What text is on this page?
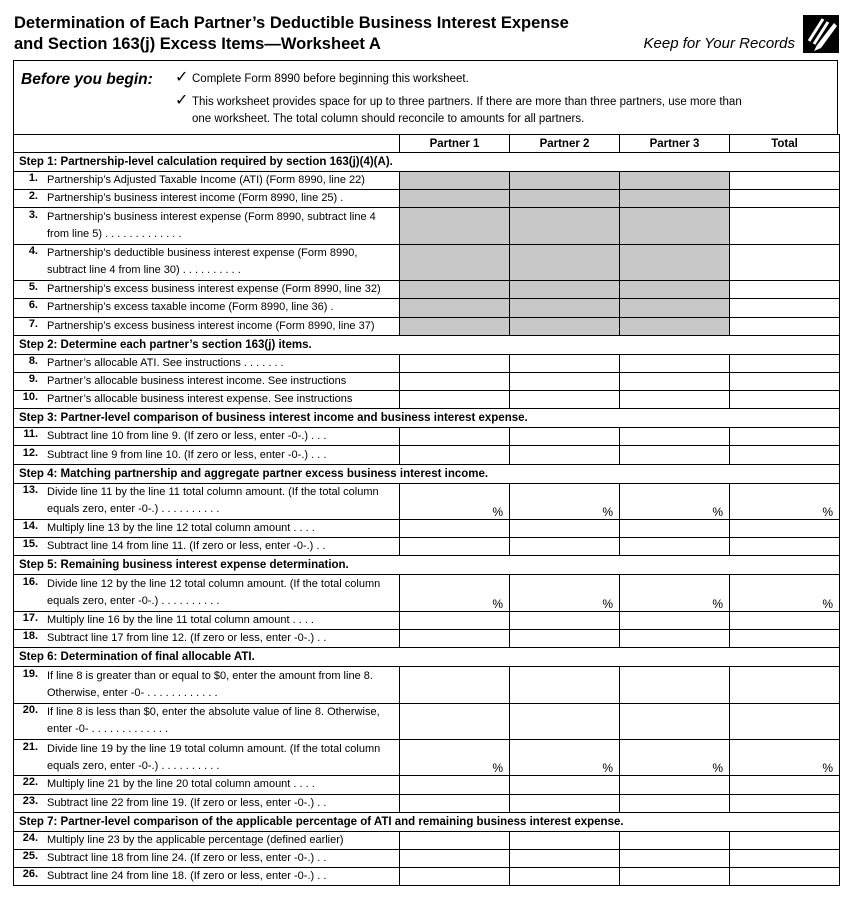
Determination of Each Partner’s Deductible Business Interest Expense
and Section 163(j) Excess Items—Worksheet A	Keep for Your Records
Before you begin: ✓ Complete Form 8990 before beginning this worksheet.
✓ This worksheet provides space for up to three partners. If there are more than three partners, use more than
one worksheet. The total column should reconcile to amounts for all partners.
	Partner 1	Partner 2	Partner 3	Total
Step 1: Partnership-level calculation required by section 163(j)(4)(A).				

1. Partnership’s Adjusted Taxable Income (ATI) (Form 8990, line 22)				

2. Partnership’s business interest income (Form 8990, line 25) .				

3. Partnership’s business interest expense (Form 8990, subtract line 4 from line 5) . . . . . . . . . . . . .				

4. Partnership’s deductible business interest expense (Form 8990, subtract line 4 from line 30) . . . . . . . . . .				

5. Partnership’s excess business interest expense (Form 8990, line 32)				

6. Partnership’s excess taxable income (Form 8990, line 36) .				

7. Partnership’s excess business interest income (Form 8990, line 37)				

Step 2: Determine each partner’s section 163(j) items.				

8. Partner’s allocable ATI. See instructions . . . . . . .				

9. Partner’s allocable business interest income. See instructions				

10. Partner’s allocable business interest expense. See instructions				

Step 3: Partner-level comparison of business interest income and business interest expense.				

11. Subtract line 10 from line 9. (If zero or less, enter -0-.) . . .				

12. Subtract line 9 from line 10. (If zero or less, enter -0-.) . . .				

Step 4: Matching partnership and aggregate partner excess business interest income.				

13. Divide line 11 by the line 11 total column amount. (If the total column equals zero, enter -0-.) . . . . . . . . . .	%	%	%	%

14. Multiply line 13 by the line 12 total column amount . . . .				

15. Subtract line 14 from line 11. (If zero or less, enter -0-.) . .				

Step 5: Remaining business interest expense determination.				

16. Divide line 12 by the line 12 total column amount. (If the total column equals zero, enter -0-.) . . . . . . . . . .	%	%	%	%

17. Multiply line 16 by the line 11 total column amount . . . .				

18. Subtract line 17 from line 12. (If zero or less, enter -0-.) . .				

Step 6: Determination of final allocable ATI.				

19. If line 8 is greater than or equal to $0, enter the amount from line 8. Otherwise, enter -0- . . . . . . . . . . . .				

20. If line 8 is less than $0, enter the absolute value of line 8. Otherwise, enter -0- . . . . . . . . . . . . .				

21. Divide line 19 by the line 19 total column amount. (If the total column equals zero, enter -0-.) . . . . . . . . . .	%	%	%	%

22. Multiply line 21 by the line 20 total column amount . . . .				

23. Subtract line 22 from line 19. (If zero or less, enter -0-.) . .				

Step 7: Partner-level comparison of the applicable percentage of ATI and remaining business interest expense.				

24. Multiply line 23 by the applicable percentage (defined earlier)				

25. Subtract line 18 from line 24. (If zero or less, enter -0-.) . .				

26. Subtract line 24 from line 18. (If zero or less, enter -0-.) . .				
